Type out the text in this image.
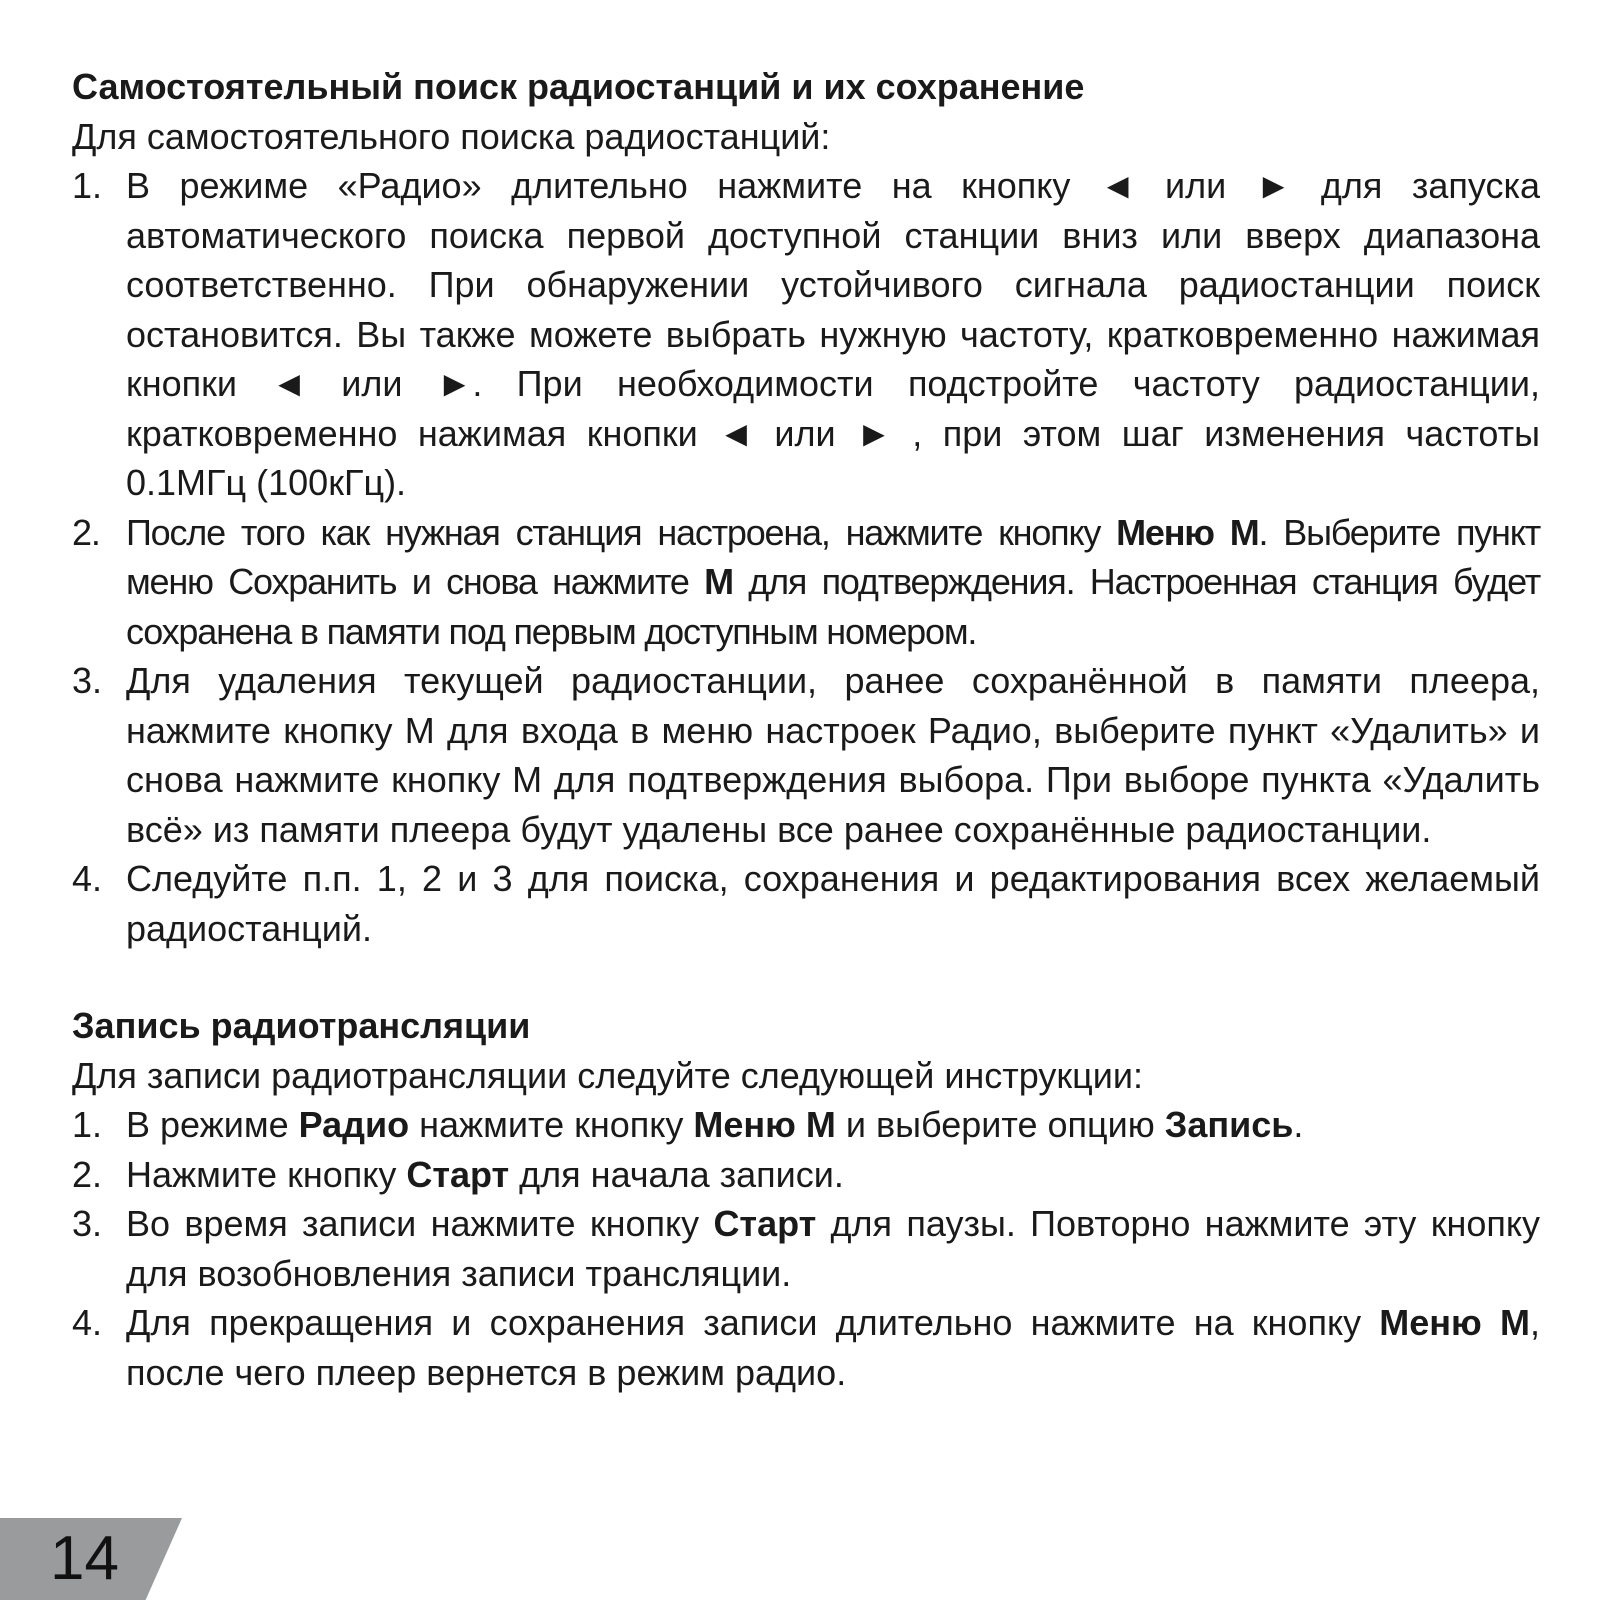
Самостоятельный поиск радиостанций и их сохранение

Для самостоятельного поиска радиостанций:

1. В режиме «Радио» длительно нажмите на кнопку ◄ или ► для запуска автоматического поиска первой доступной станции вниз или вверх диапазона соответственно. При обнаружении устойчивого сигнала радиостанции поиск остановится. Вы также можете выбрать нужную частоту, кратковременно нажимая кнопки ◄ или ►. При необходимости подстройте частоту радиостанции, кратковременно нажимая кнопки ◄ или ► , при этом шаг изменения частоты 0.1МГц (100кГц).
2. После того как нужная станция настроена, нажмите кнопку Меню М. Выберите пункт меню Сохранить и снова нажмите М для подтверждения. Настроенная станция будет сохранена в памяти под первым доступным номером.
3. Для удаления текущей радиостанции, ранее сохранённой в памяти плеера, нажмите кнопку М для входа в меню настроек Радио, выберите пункт «Удалить» и снова нажмите кнопку М для подтверждения выбора. При выборе пункта «Удалить всё» из памяти плеера будут удалены все ранее сохранённые радиостанции.
4. Следуйте п.п. 1, 2 и 3 для поиска, сохранения и редактирования всех желаемый радиостанций.

Запись радиотрансляции

Для записи радиотрансляции следуйте следующей инструкции:

1. В режиме Радио нажмите кнопку Меню М и выберите опцию Запись.
2. Нажмите кнопку Старт для начала записи.
3. Во время записи нажмите кнопку Старт для паузы. Повторно нажмите эту кнопку для возобновления записи трансляции.
4. Для прекращения и сохранения записи длительно нажмите на кнопку Меню М, после чего плеер вернется в режим радио.
14
